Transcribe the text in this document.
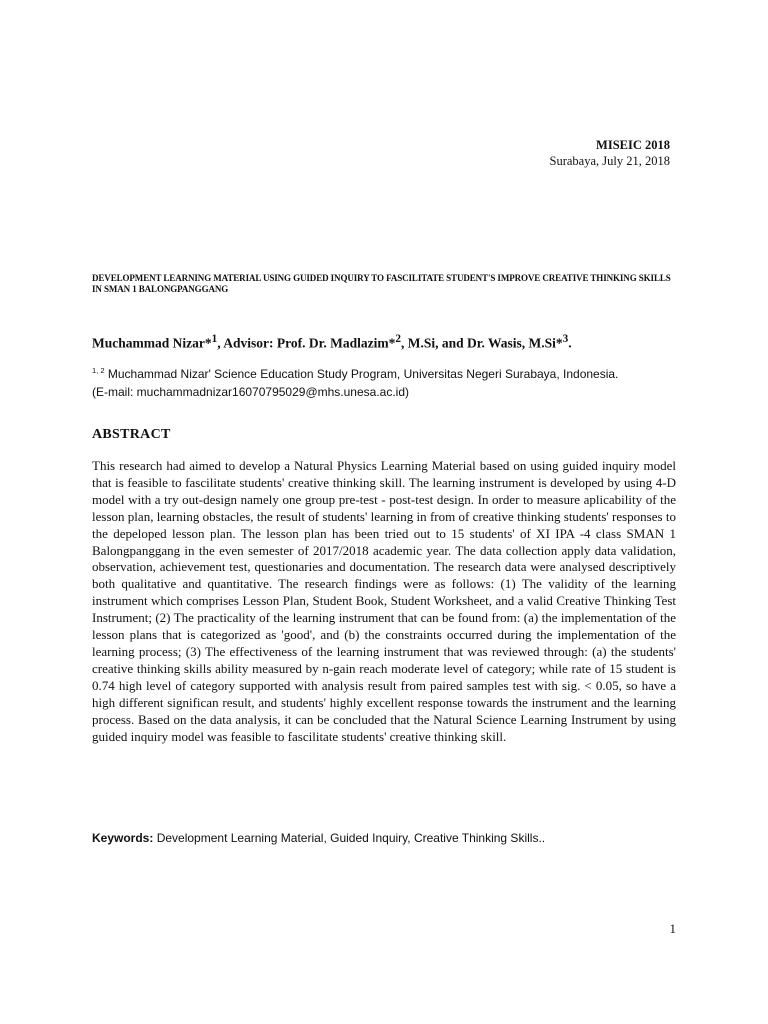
MISEIC 2018
Surabaya, July 21, 2018
DEVELOPMENT LEARNING MATERIAL USING GUIDED INQUIRY TO FASCILITATE STUDENT'S IMPROVE CREATIVE THINKING SKILLS IN SMAN 1 BALONGPANGGANG
Muchammad Nizar*$^1$, Advisor: Prof. Dr. Madlazim*$^2$, M.Si, and Dr. Wasis, M.Si*$^3$.
$^{1, 2}$ Muchammad Nizar' Science Education Study Program, Universitas Negeri Surabaya, Indonesia.
(E-mail: muchammadnizar16070795029@mhs.unesa.ac.id)
ABSTRACT

This research had aimed to develop a Natural Physics Learning Material based on using guided inquiry model that is feasible to fascilitate students' creative thinking skill. The learning instrument is developed by using 4-D model with a try out-design namely one group pre-test - post-test design. In order to measure aplicability of the lesson plan, learning obstacles, the result of students' learning in from of creative thinking students' responses to the depeloped lesson plan. The lesson plan has been tried out to 15 students' of XI IPA -4 class SMAN 1 Balongpanggang in the even semester of 2017/2018 academic year. The data collection apply data validation, observation, achievement test, questionaries and documentation. The research data were analysed descriptively both qualitative and quantitative. The research findings were as follows: (1) The validity of the learning instrument which comprises Lesson Plan, Student Book, Student Worksheet, and a valid Creative Thinking Test Instrument; (2) The practicality of the learning instrument that can be found from: (a) the implementation of the lesson plans that is categorized as 'good', and (b) the constraints occurred during the implementation of the learning process; (3) The effectiveness of the learning instrument that was reviewed through: (a) the students' creative thinking skills ability measured by n-gain reach moderate level of category; while rate of 15 student is 0.74 high level of category supported with analysis result from paired samples test with sig. < 0.05, so have a high different significan result, and students' highly excellent response towards the instrument and the learning process. Based on the data analysis, it can be concluded that the Natural Science Learning Instrument by using guided inquiry model was feasible to fascilitate students' creative thinking skill.

Keywords: Development Learning Material, Guided Inquiry, Creative Thinking Skills..
1
